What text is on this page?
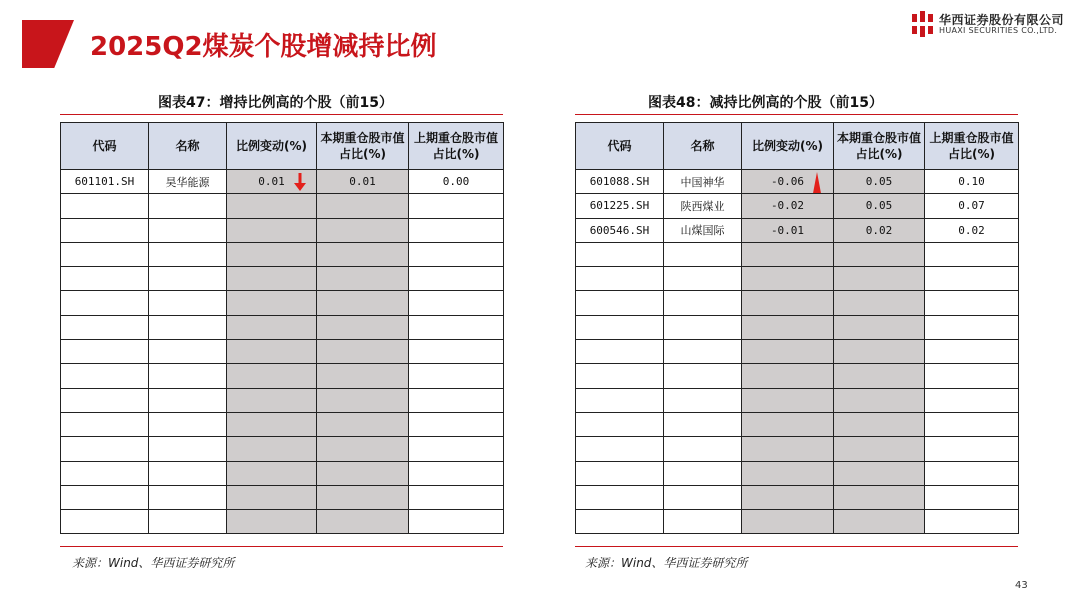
2025Q2煤炭个股增减持比例
华西证券股份有限公司
HUAXI SECURITIES CO.,LTD.
图表47：增持比例高的个股（前15）	图表48：减持比例高的个股（前15）
代码	名称	比例变动(%)	本期重仓股市值占比(%)	上期重仓股市值占比(%)
601101.SH	昊华能源	0.01	0.01	0.00

代码	名称	比例变动(%)	本期重仓股市值占比(%)	上期重仓股市值占比(%)
601088.SH	中国神华	-0.06	0.05	0.10
601225.SH	陕西煤业	-0.02	0.05	0.07
600546.SH	山煤国际	-0.01	0.02	0.02

来源：Wind、华西证券研究所	来源：Wind、华西证券研究所
43
